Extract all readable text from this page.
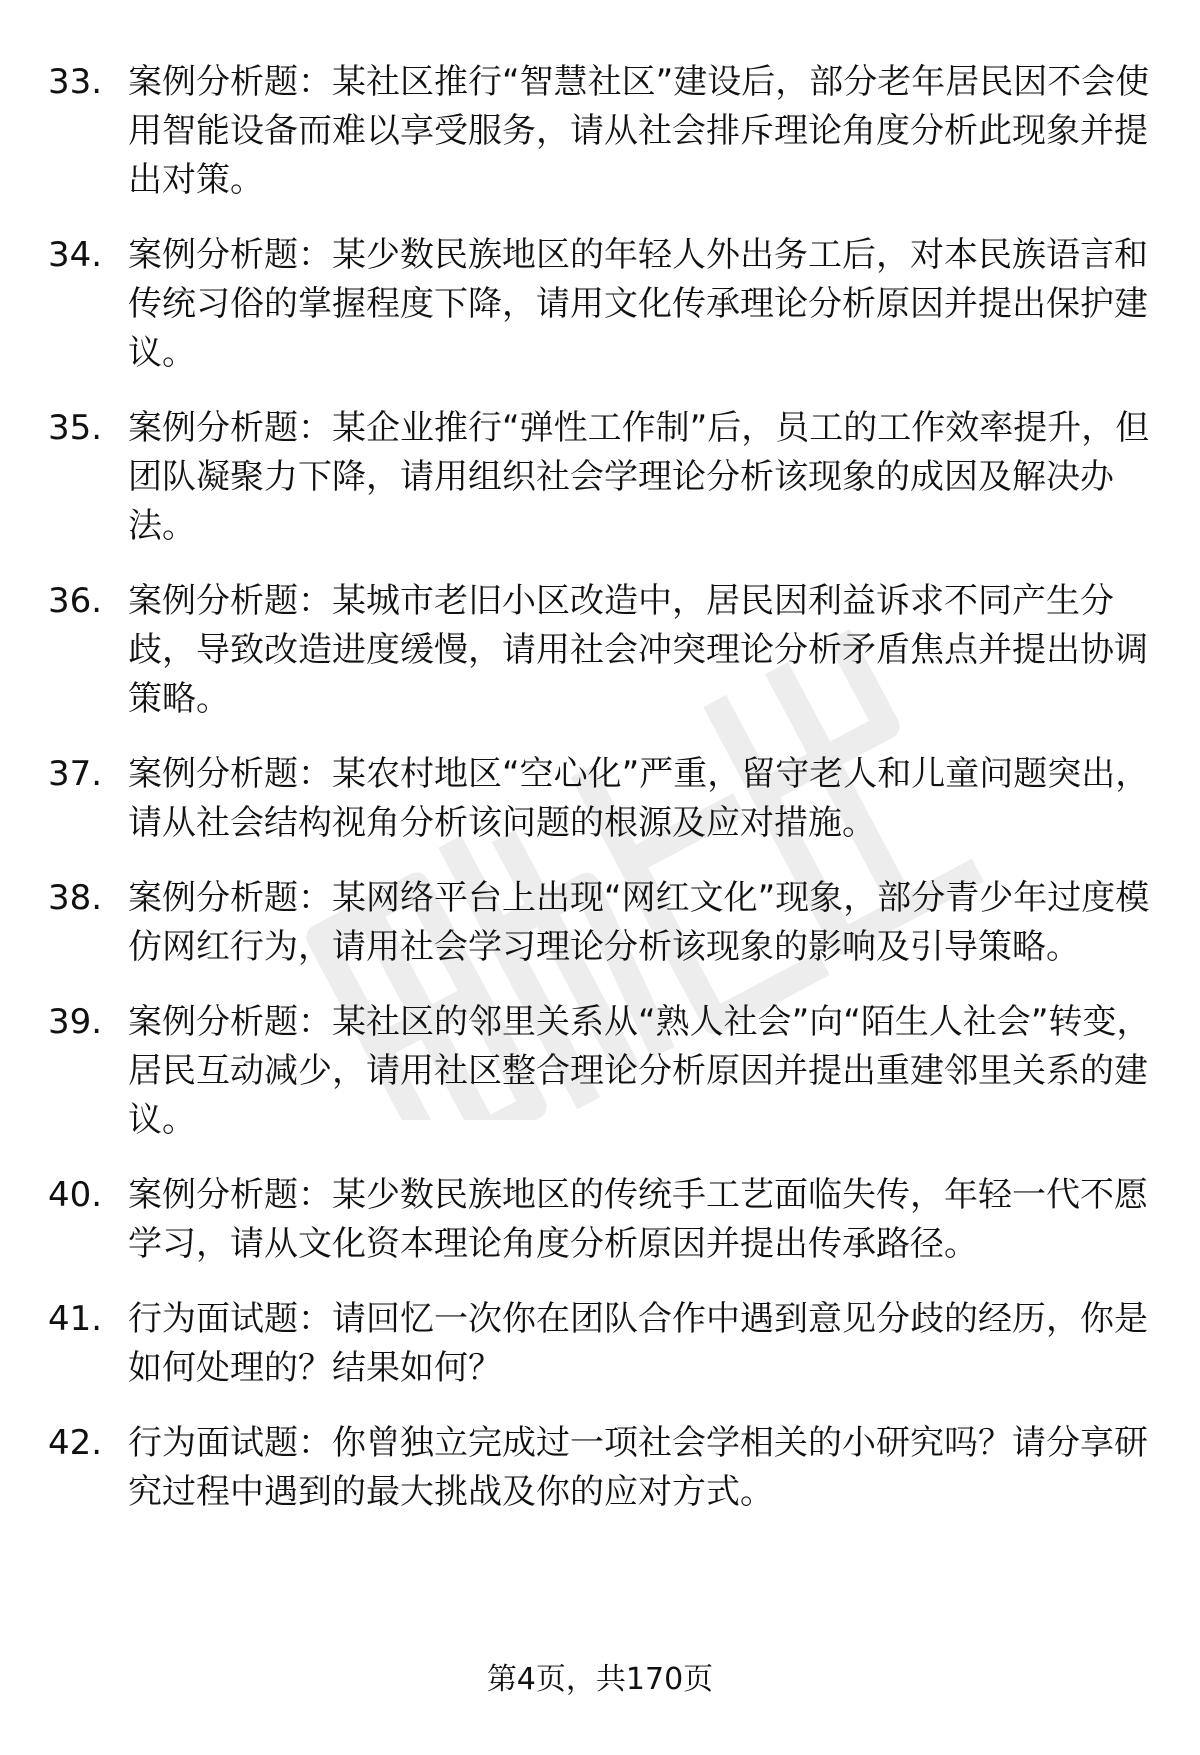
33. 案例分析题：某社区推行“智慧社区”建设后，部分老年居民因不会使用智能设备而难以享受服务，请从社会排斥理论角度分析此现象并提出对策。
34. 案例分析题：某少数民族地区的年轻人外出务工后，对本民族语言和传统习俗的掌握程度下降，请用文化传承理论分析原因并提出保护建议。
35. 案例分析题：某企业推行“弹性工作制”后，员工的工作效率提升，但团队凝聚力下降，请用组织社会学理论分析该现象的成因及解决办法。
36. 案例分析题：某城市老旧小区改造中，居民因利益诉求不同产生分歧，导致改造进度缓慢，请用社会冲突理论分析矛盾焦点并提出协调策略。
37. 案例分析题：某农村地区“空心化”严重，留守老人和儿童问题突出，请从社会结构视角分析该问题的根源及应对措施。
38. 案例分析题：某网络平台上出现“网红文化”现象，部分青少年过度模仿网红行为，请用社会学习理论分析该现象的影响及引导策略。
39. 案例分析题：某社区的邻里关系从“熟人社会”向“陌生人社会”转变，居民互动减少，请用社区整合理论分析原因并提出重建邻里关系的建议。
40. 案例分析题：某少数民族地区的传统手工艺面临失传，年轻一代不愿学习，请从文化资本理论角度分析原因并提出传承路径。
41. 行为面试题：请回忆一次你在团队合作中遇到意见分歧的经历，你是如何处理的？结果如何？
42. 行为面试题：你曾独立完成过一项社会学相关的小研究吗？请分享研究过程中遇到的最大挑战及你的应对方式。
第4页，共170页
